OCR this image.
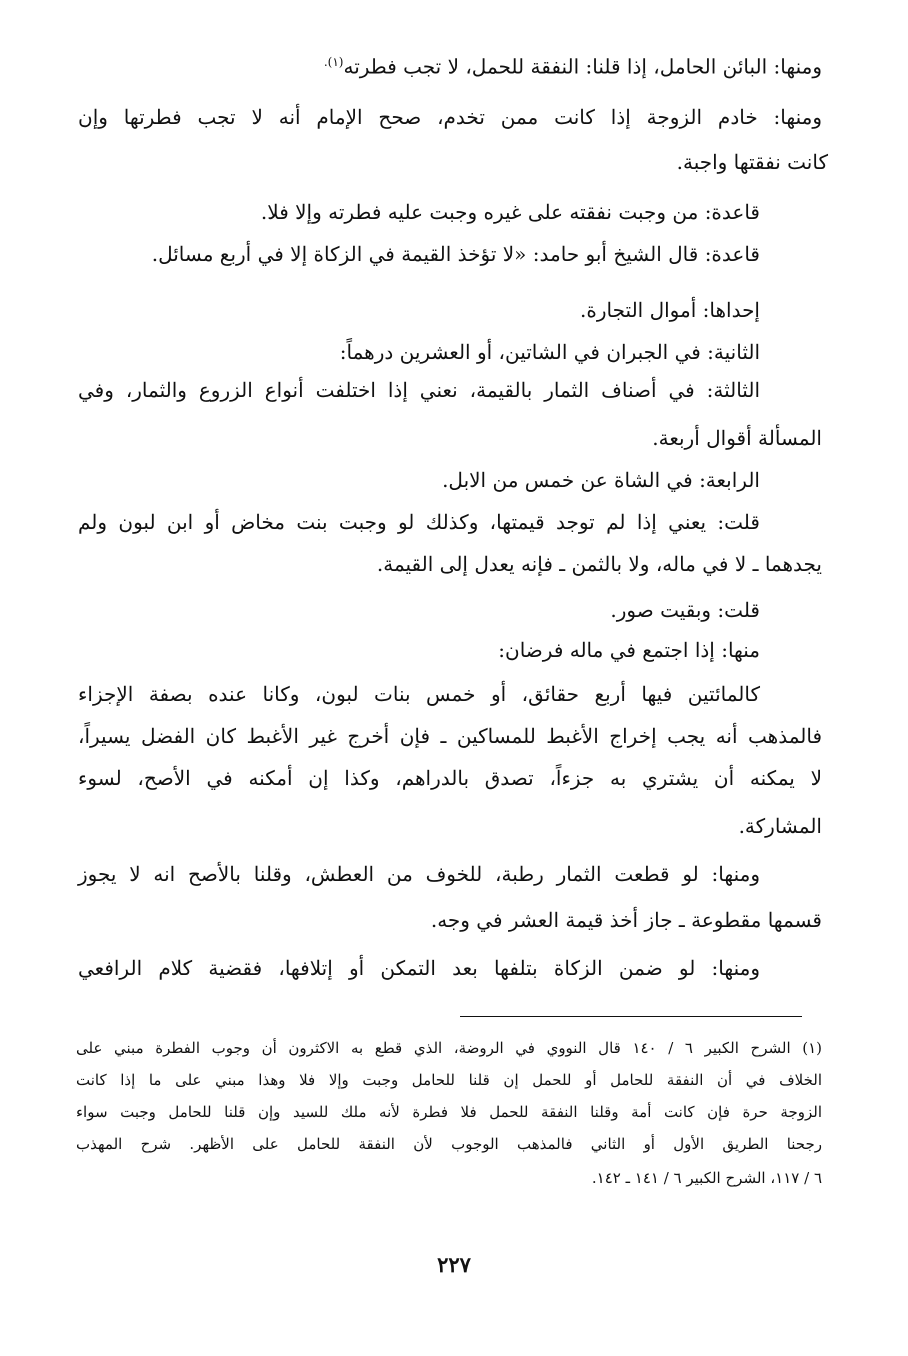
ومنها: البائن الحامل، إذا قلنا: النفقة للحمل، لا تجب فطرته$^{(١).}$
ومنها: خادم الزوجة إذا كانت ممن تخدم، صحح الإمام أنه لا تجب فطرتها وإن
كانت نفقتها واجبة.
قاعدة: من وجبت نفقته على غيره وجبت عليه فطرته وإلا فلا.
قاعدة: قال الشيخ أبو حامد: «لا تؤخذ القيمة في الزكاة إلا في أربع مسائل.
إحداها: أموال التجارة.
الثانية: في الجبران في الشاتين، أو العشرين درهماً:
الثالثة: في أصناف الثمار بالقيمة، نعني إذا اختلفت أنواع الزروع والثمار، وفي
المسألة أقوال أربعة.
الرابعة: في الشاة عن خمس من الابل.
قلت: يعني إذا لم توجد قيمتها، وكذلك لو وجبت بنت مخاض أو ابن لبون ولم
يجدهما ـ لا في ماله، ولا بالثمن ـ فإنه يعدل إلى القيمة.
قلت: وبقيت صور.
منها: إذا اجتمع في ماله فرضان:
كالمائتين فيها أربع حقائق، أو خمس بنات لبون، وكانا عنده بصفة الإجزاء
فالمذهب أنه يجب إخراج الأغبط للمساكين ـ فإن أخرج غير الأغبط كان الفضل يسيراً،
لا يمكنه أن يشتري به جزءاً، تصدق بالدراهم، وكذا إن أمكنه في الأصح، لسوء
المشاركة.
ومنها: لو قطعت الثمار رطبة، للخوف من العطش، وقلنا بالأصح انه لا يجوز
قسمها مقطوعة ـ جاز أخذ قيمة العشر في وجه.
ومنها: لو ضمن الزكاة بتلفها بعد التمكن أو إتلافها، فقضية كلام الرافعي
(١) الشرح الكبير ٦ / ١٤٠ قال النووي في الروضة، الذي قطع به الاكثرون أن وجوب الفطرة مبني على
الخلاف في أن النفقة للحامل أو للحمل إن قلنا للحامل وجبت وإلا فلا وهذا مبني على ما إذا كانت
الزوجة حرة فإن كانت أمة وقلنا النفقة للحمل فلا فطرة لأنه ملك للسيد وإن قلنا للحامل وجبت سواء
رجحنا الطريق الأول أو الثاني فالمذهب الوجوب لأن النفقة للحامل على الأظهر. شرح المهذب
٦ / ١١٧، الشرح الكبير ٦ / ١٤١ ـ ١٤٢.
٢٢٧
